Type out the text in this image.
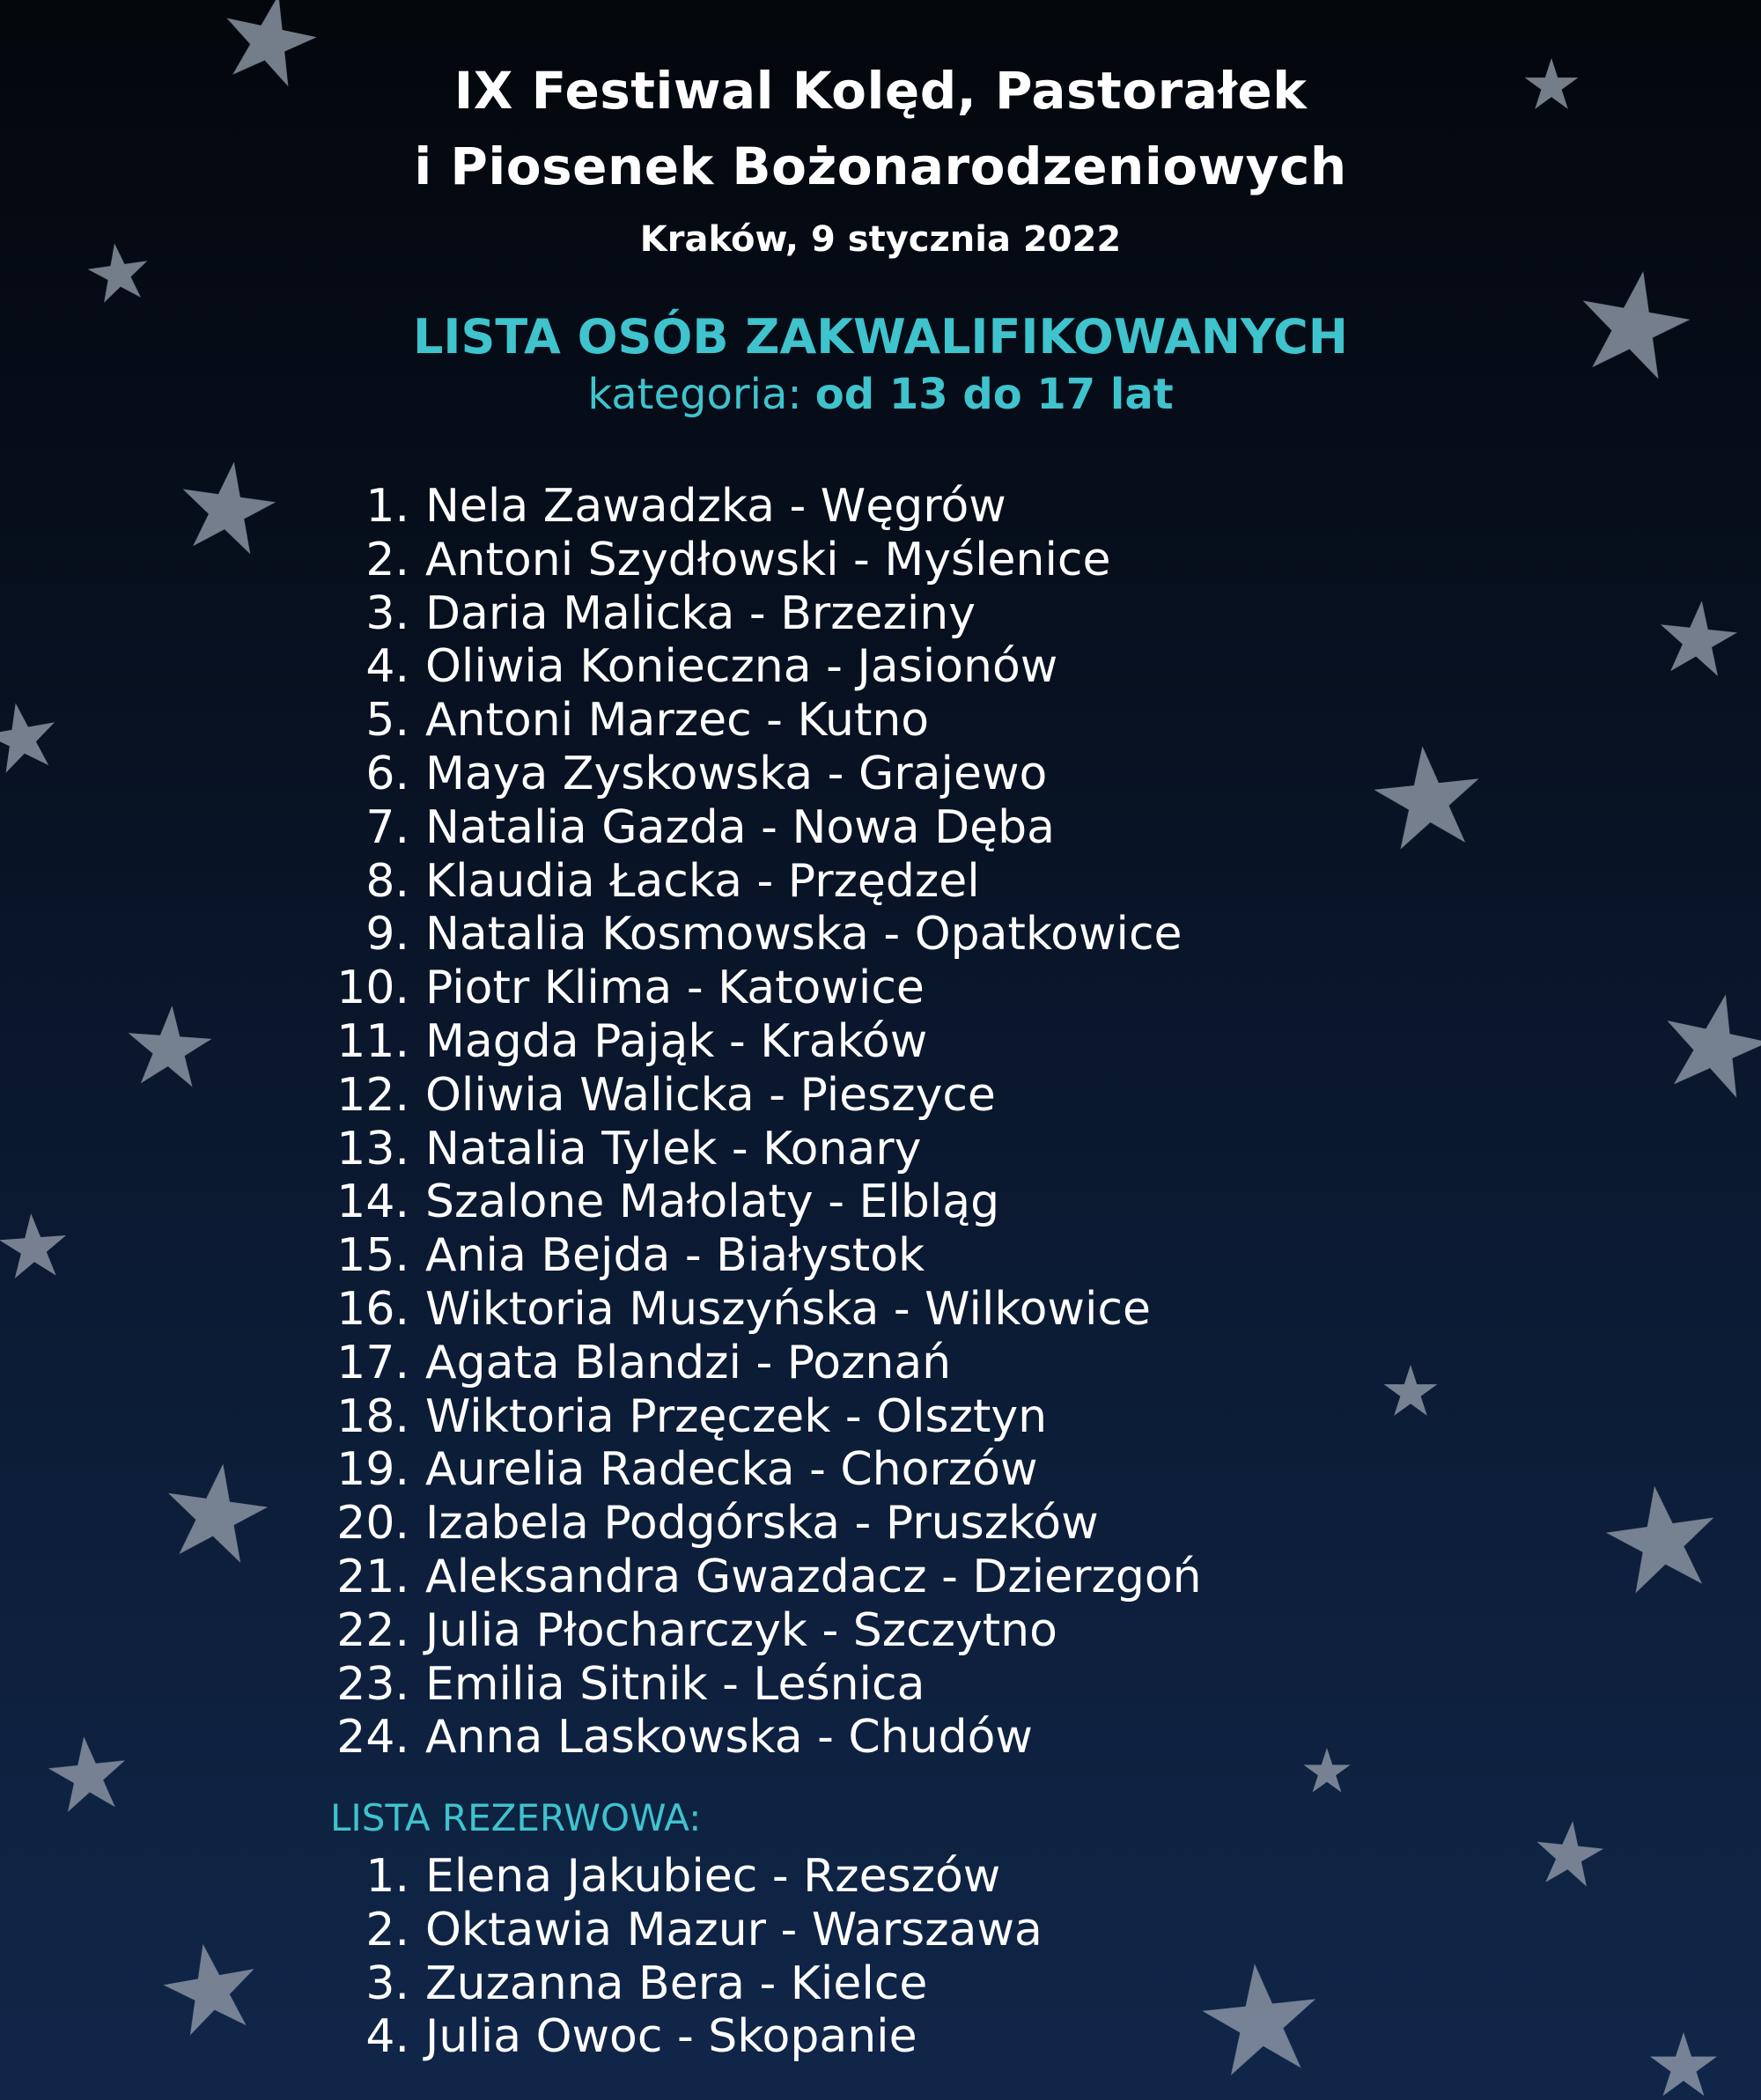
IX Festiwal Kolęd, Pastorałek
i Piosenek Bożonarodzeniowych
Kraków, 9 stycznia 2022
LISTA OSÓB ZAKWALIFIKOWANYCH
kategoria: od 13 do 17 lat
1. Nela Zawadzka - Węgrów
2. Antoni Szydłowski - Myślenice
3. Daria Malicka - Brzeziny
4. Oliwia Konieczna - Jasionów
5. Antoni Marzec - Kutno
6. Maya Zyskowska - Grajewo
7. Natalia Gazda - Nowa Dęba
8. Klaudia Łacka - Przędzel
9. Natalia Kosmowska - Opatkowice
10. Piotr Klima - Katowice
11. Magda Pająk - Kraków
12. Oliwia Walicka - Pieszyce
13. Natalia Tylek - Konary
14. Szalone Małolaty - Elbląg
15. Ania Bejda - Białystok
16. Wiktoria Muszyńska - Wilkowice
17. Agata Blandzi - Poznań
18. Wiktoria Przęczek - Olsztyn
19. Aurelia Radecka - Chorzów
20. Izabela Podgórska - Pruszków
21. Aleksandra Gwazdacz - Dzierzgoń
22. Julia Płocharczyk - Szczytno
23. Emilia Sitnik - Leśnica
24. Anna Laskowska - Chudów
LISTA REZERWOWA:
1. Elena Jakubiec - Rzeszów
2. Oktawia Mazur - Warszawa
3. Zuzanna Bera - Kielce
4. Julia Owoc - Skopanie
